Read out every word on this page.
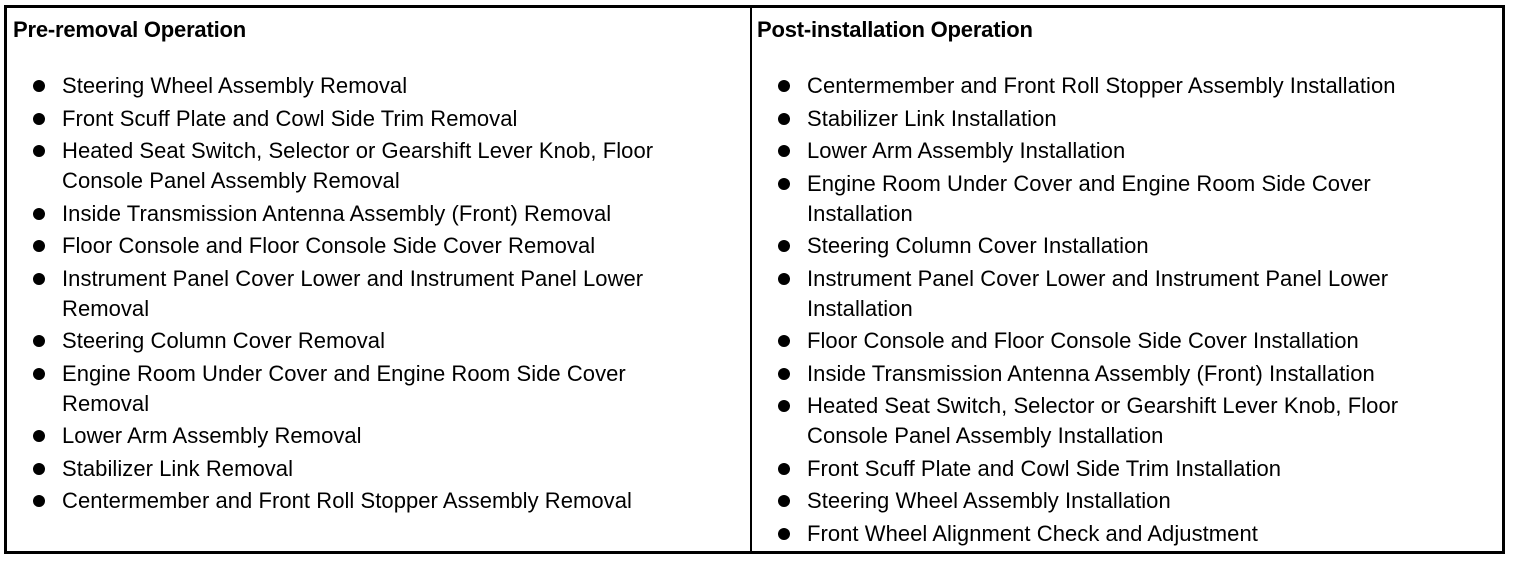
Pre-removal Operation
Steering Wheel Assembly Removal
Front Scuff Plate and Cowl Side Trim Removal
Heated Seat Switch, Selector or Gearshift Lever Knob, Floor Console Panel Assembly Removal
Inside Transmission Antenna Assembly (Front) Removal
Floor Console and Floor Console Side Cover Removal
Instrument Panel Cover Lower and Instrument Panel Lower Removal
Steering Column Cover Removal
Engine Room Under Cover and Engine Room Side Cover Removal
Lower Arm Assembly Removal
Stabilizer Link Removal
Centermember and Front Roll Stopper Assembly Removal
Post-installation Operation
Centermember and Front Roll Stopper Assembly Installation
Stabilizer Link Installation
Lower Arm Assembly Installation
Engine Room Under Cover and Engine Room Side Cover Installation
Steering Column Cover Installation
Instrument Panel Cover Lower and Instrument Panel Lower Installation
Floor Console and Floor Console Side Cover Installation
Inside Transmission Antenna Assembly (Front) Installation
Heated Seat Switch, Selector or Gearshift Lever Knob, Floor Console Panel Assembly Installation
Front Scuff Plate and Cowl Side Trim Installation
Steering Wheel Assembly Installation
Front Wheel Alignment Check and Adjustment
